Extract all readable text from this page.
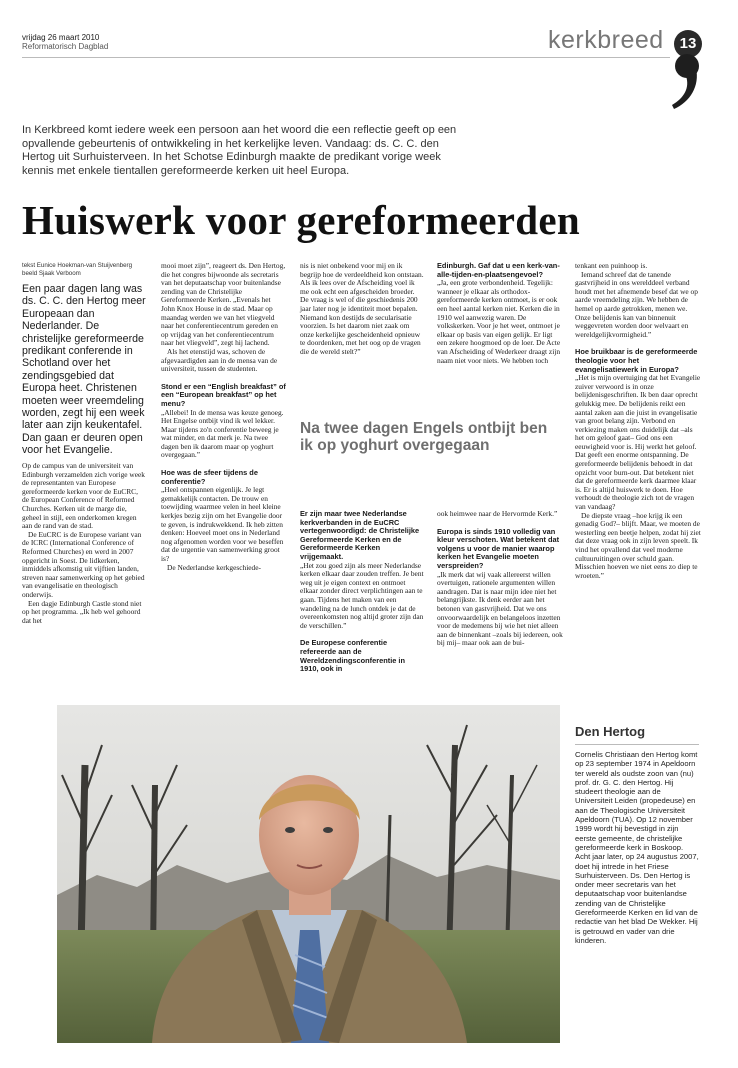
vrijdag 26 maart 2010
Reformatorisch Dagblad	kerkbreed	13
In Kerkbreed komt iedere week een persoon aan het woord die een reflectie geeft op een opvallende gebeurtenis of ontwikkeling in het kerkelijke leven. Vandaag: ds. C. C. den Hertog uit Surhuisterveen. In het Schotse Edinburgh maakte de predikant vorige week kennis met enkele tientallen gereformeerde kerken uit heel Europa.
Huiswerk voor gereformeerden
tekst Eunice Hoekman-van Stuijvenberg
beeld Sjaak Verboom
Een paar dagen lang was ds. C. C. den Hertog meer Europeaan dan Nederlander. De christelijke gereformeerde predikant conferende in Schotland over het zendingsgebied dat Europa heet. Christenen moeten weer vreemdeling worden, zegt hij een week later aan zijn keukentafel. Dan gaan er deuren open voor het Evangelie.

Op de campus van de universiteit van Edinburgh verzamelden zich vorige week de representanten van Europese gereformeerde kerken voor de EuCRC, de European Conference of Reformed Churches. Kerken uit de marge die, geheel in stijl, een onderkomen kregen aan de rand van de stad.

De EuCRC is de Europese variant van de ICRC (International Conference of Reformed Churches) en werd in 2007 opgericht in Soest. De lidkerken, inmiddels afkomstig uit vijftien landen, streven naar samenwerking op het gebied van evangelisatie en theologisch onderwijs.

Een dagje Edinburgh Castle stond niet op het programma. „Ik heb wel gehoord dat het

mooi moet zijn”, reageert ds. Den Hertog, die het congres bijwoonde als secretaris van het deputaatschap voor buitenlandse zending van de Christelijke Gereformeerde Kerken. „Evenals het John Knox House in de stad. Maar op maandag werden we van het vliegveld naar het conferentiecentrum gereden en op vrijdag van het conferentiecentrum naar het vliegveld”, zegt hij lachend.

Als het etenstijd was, schoven de afgevaardigden aan in de mensa van de universiteit, tussen de studenten.

Stond er een “English breakfast” of een “European breakfast” op het menu?

„Allebei! In de mensa was keuze genoeg. Het Engelse ontbijt vind ik wel lekker. Maar tijdens zo'n conferentie beweeg je wat minder, en dat merk je. Na twee dagen ben ik daarom maar op yoghurt overgegaan.”

Hoe was de sfeer tijdens de conferentie?

„Heel ontspannen eigenlijk. Je legt gemakkelijk contacten. De trouw en toewijding waarmee velen in heel kleine kerkjes bezig zijn om het Evangelie door te geven, is indrukwekkend. Ik heb zitten denken: Hoeveel moet ons in Nederland nog afgenomen worden voor we beseffen dat de urgentie van samenwerking groot is?

De Nederlandse kerkgeschiede-

nis is niet onbekend voor mij en ik begrijp hoe de verdeeldheid kon ontstaan. Als ik lees over de Afscheiding voel ik me ook echt een afgescheiden broeder. De vraag is wel of die geschiedenis 200 jaar later nog je identiteit moet bepalen. Niemand kon destijds de secularisatie voorzien. Is het daarom niet zaak om onze kerkelijke gescheidenheid opnieuw te doordenken, met het oog op de vragen die de wereld stelt?”

Na twee dagen Engels ontbijt ben ik op yoghurt overgegaan

Er zijn maar twee Nederlandse kerkverbanden in de EuCRC vertegenwoordigd: de Christelijke Gereformeerde Kerken en de Gereformeerde Kerken vrijgemaakt.

„Het zou goed zijn als meer Nederlandse kerken elkaar daar zouden treffen. Je bent weg uit je eigen context en ontmoet elkaar zonder direct verplichtingen aan te gaan. Tijdens het maken van een wandeling na de lunch ontdek je dat de overeenkomsten nog altijd groter zijn dan de verschillen.”

De Europese conferentie refereerde aan de Wereldzendingsconferentie in 1910, ook in

Edinburgh. Gaf dat u een kerk-van-alle-tijden-en-plaatsengevoel?

„Ja, een grote verbondenheid. Tegelijk: wanneer je elkaar als orthodox-gereformeerde kerken ontmoet, is er ook een heel aantal kerken niet. Kerken die in 1910 wel aanwezig waren. De volkskerken. Voor je het weet, ontmoet je elkaar op basis van eigen gelijk. Er ligt een zekere hoogmoed op de loer. De Acte van Afscheiding of Wederkeer draagt zijn naam niet voor niets. We hebben toch

ook heimwee naar de Hervormde Kerk.”

Europa is sinds 1910 volledig van kleur verschoten. Wat betekent dat volgens u voor de manier waarop kerken het Evangelie moeten verspreiden?

„Ik merk dat wij vaak allereerst willen overtuigen, rationele argumenten willen aandragen. Dat is naar mijn idee niet het belangrijkste. Ik denk eerder aan het betonen van gastvrijheid. Dat we ons onvoorwaardelijk en belangeloos inzetten voor de medemens bij wie het niet alleen aan de binnenkant –zoals bij iedereen, ook bij mij– maar ook aan de bui-

tenkant een puinhoop is.

Iemand schreef dat de tanende gastvrijheid in ons werelddeel verband houdt met het afnemende besef dat we op aarde vreemdeling zijn. We hebben de hemel op aarde getrokken, menen we. Onze belijdenis kan van binnenuit weggevreten worden door welvaart en wereldgelijkvormigheid.”

Hoe bruikbaar is de gereformeerde theologie voor het evangelisatiewerk in Europa?

„Het is mijn overtuiging dat het Evangelie zuiver verwoord is in onze belijdenisgeschriften. Ik ben daar oprecht gelukkig mee. De belijdenis reikt een aantal zaken aan die juist in evangelisatie van groot belang zijn. Verbond en verkiezing maken ons duidelijk dat –als het om geloof gaat– God ons een eeuwigheid voor is. Hij werkt het geloof. Dat geeft een enorme ontspanning. De gereformeerde belijdenis behoedt in dat opzicht voor burn-out. Dat betekent niet dat de gereformeerde kerk daarmee klaar is. Er is altijd huiswerk te doen. Hoe verhoudt de theologie zich tot de vragen van vandaag?

De diepste vraag –hoe krijg ik een genadig God?– blijft. Maar, we moeten de westerling een beetje helpen, zodat hij ziet dat deze vraag ook in zijn leven speelt. Ik vind het opvallend dat veel moderne cultuuruitingen over schuld gaan. Misschien hoeven we niet eens zo diep te wroeten.”

Den Hertog
Cornelis Christiaan den Hertog komt op 23 september 1974 in Apeldoorn ter wereld als oudste zoon van (nu) prof. dr. G. C. den Hertog. Hij studeert theologie aan de Universiteit Leiden (propedeuse) en aan de Theologische Universiteit Apeldoorn (TUA). Op 12 november 1999 wordt hij bevestigd in zijn eerste gemeente, de christelijke gereformeerde kerk in Boskoop. Acht jaar later, op 24 augustus 2007, doet hij intrede in het Friese Surhuisterveen. Ds. Den Hertog is onder meer secretaris van het deputaatschap voor buitenlandse zending van de Christelijke Gereformeerde Kerken en lid van de redactie van het blad De Wekker. Hij is getrouwd en vader van drie kinderen.
